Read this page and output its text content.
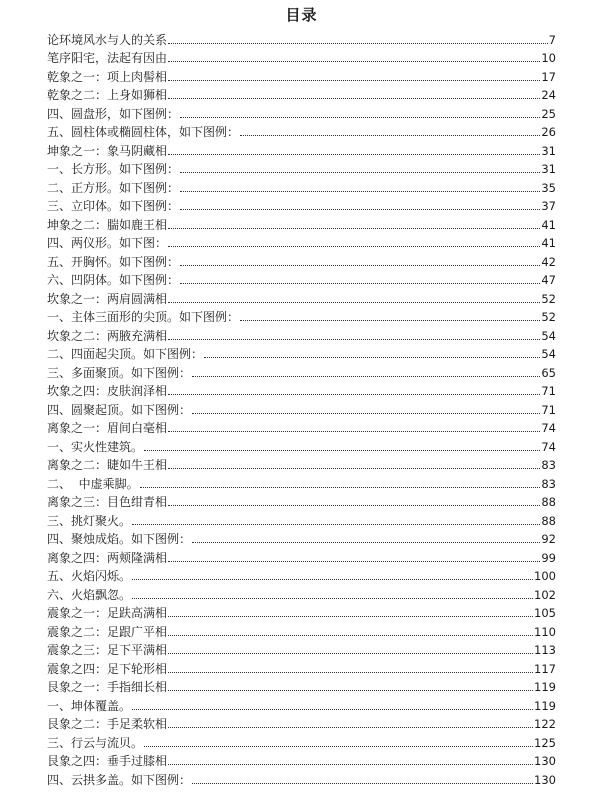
目录
论环境风水与人的关系	7
笔序阳宅，法起有因由	10
乾象之一：项上肉髻相	17
乾象之二：上身如狮相	24
四、圆盘形，如下图例：	25
五、圆柱体或椭圆柱体，如下图例：	26
坤象之一：象马阴藏相	31
一、长方形。如下图例：	31
二、正方形。如下图例：	35
三、立印体。如下图例：	37
坤象之二：腨如鹿王相	41
四、两仪形。如下图：	41
五、开胸怀。如下图例：	42
六、凹阴体。如下图例：	47
坎象之一：两肩圆满相	52
一、主体三面形的尖顶。如下图例：	52
坎象之二：两腋充满相	54
二、四面起尖顶。如下图例：	54
三、多面聚顶。如下图例：	65
坎象之四：皮肤润泽相	71
四、圆聚起顶。如下图例：	71
离象之一：眉间白毫相	74
一、实火性建筑。	74
离象之二：睫如牛王相	83
二、  中虚乘脚。	83
离象之三：目色绀青相	88
三、挑灯聚火。	88
四、聚烛成焰。如下图例：	92
离象之四：两颊隆满相	99
五、火焰闪烁。	100
六、火焰飘忽。	102
震象之一：足趺高满相	105
震象之二：足跟广平相	110
震象之三：足下平满相	113
震象之四：足下轮形相	117
艮象之一：手指细长相	119
一、坤体覆盖。	119
艮象之二：手足柔软相	122
三、行云与流贝。	125
艮象之四：垂手过膝相	130
四、云拱多盖。如下图例：	130
